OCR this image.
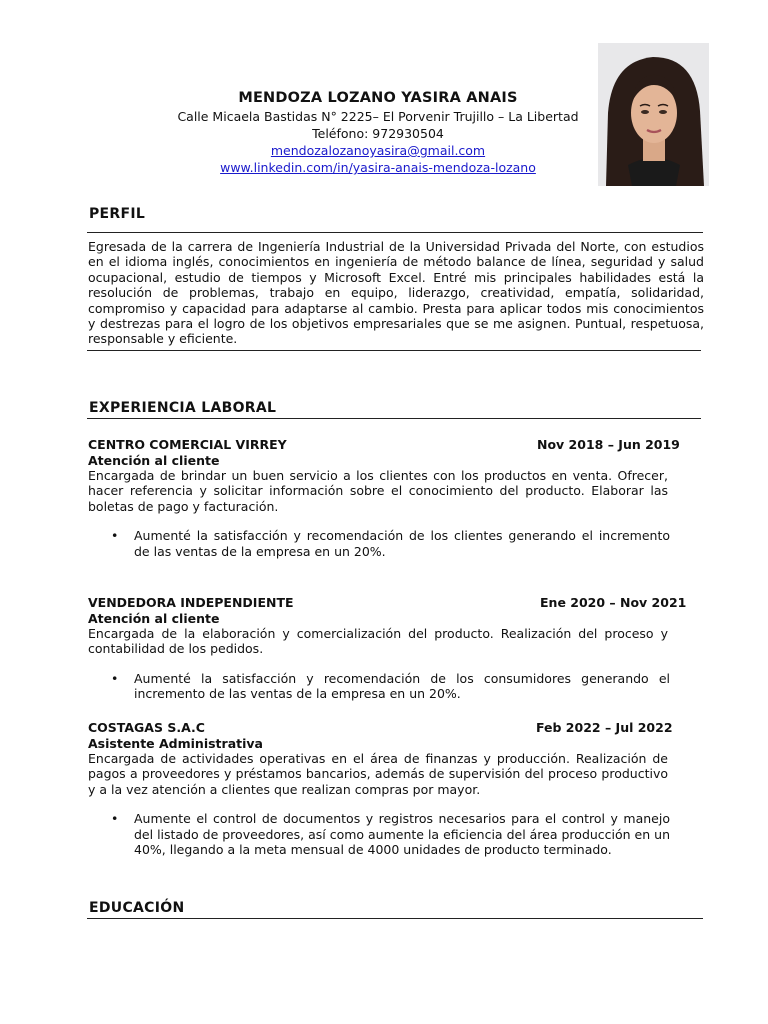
MENDOZA LOZANO YASIRA ANAIS
Calle Micaela Bastidas N° 2225– El Porvenir Trujillo – La Libertad
Teléfono: 972930504
mendozalozanoyasira@gmail.com
www.linkedin.com/in/yasira-anais-mendoza-lozano
PERFIL
Egresada de la carrera de Ingeniería Industrial de la Universidad Privada del Norte, con estudios en el idioma inglés, conocimientos en ingeniería de método balance de línea, seguridad y salud ocupacional, estudio de tiempos y Microsoft Excel. Entré mis principales habilidades está la resolución de problemas, trabajo en equipo, liderazgo, creatividad, empatía, solidaridad, compromiso y capacidad para adaptarse al cambio. Presta para aplicar todos mis conocimientos y destrezas para el logro de los objetivos empresariales que se me asignen. Puntual, respetuosa, responsable y eficiente.
EXPERIENCIA LABORAL
CENTRO COMERCIAL VIRREY	Nov 2018 – Jun 2019
Atención al cliente
Encargada de brindar un buen servicio a los clientes con los productos en venta. Ofrecer, hacer referencia y solicitar información sobre el conocimiento del producto. Elaborar las boletas de pago y facturación.
• Aumenté la satisfacción y recomendación de los clientes generando el incremento de las ventas de la empresa en un 20%.
VENDEDORA INDEPENDIENTE	Ene 2020 – Nov 2021
Atención al cliente
Encargada de la elaboración y comercialización del producto. Realización del proceso y contabilidad de los pedidos.
• Aumenté la satisfacción y recomendación de los consumidores generando el incremento de las ventas de la empresa en un 20%.
COSTAGAS S.A.C	Feb 2022 – Jul 2022
Asistente Administrativa
Encargada de actividades operativas en el área de finanzas y producción. Realización de pagos a proveedores y préstamos bancarios, además de supervisión del proceso productivo y a la vez atención a clientes que realizan compras por mayor.
• Aumente el control de documentos y registros necesarios para el control y manejo del listado de proveedores, así como aumente la eficiencia del área producción en un 40%, llegando a la meta mensual de 4000 unidades de producto terminado.
EDUCACIÓN
